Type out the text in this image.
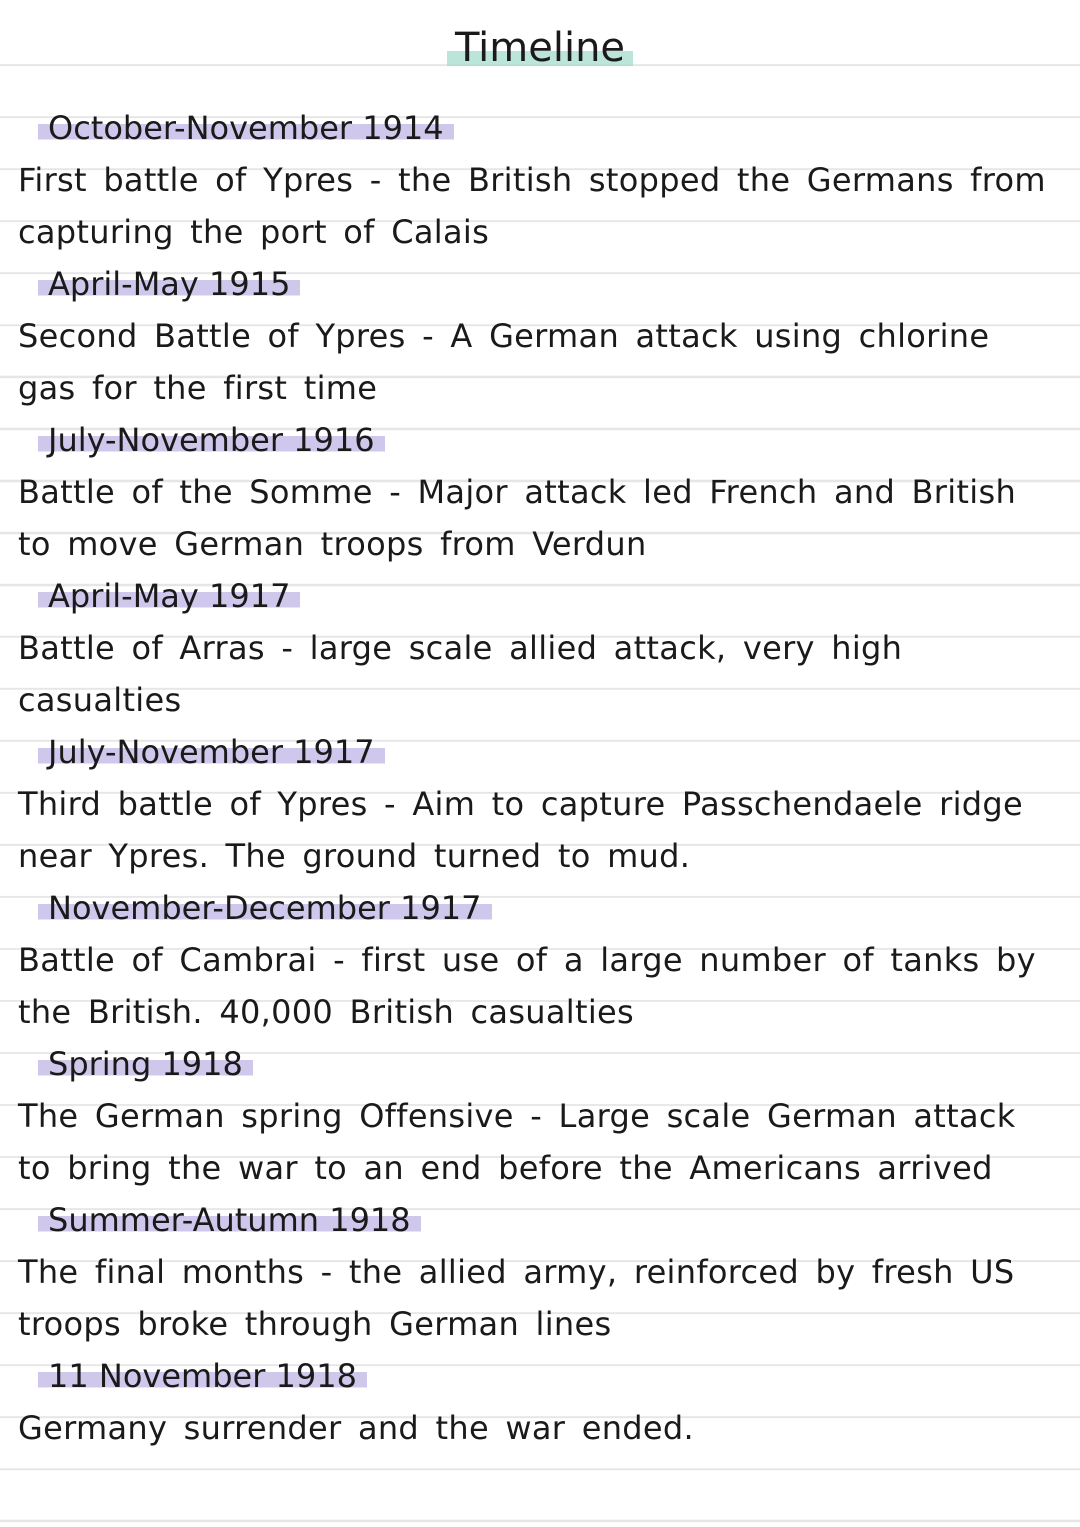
Timeline
October-November 1914

First battle of Ypres - the British stopped the Germans from capturing the port of Calais

April-May 1915

Second Battle of Ypres - A German attack using chlorine gas for the first time

July-November 1916

Battle of the Somme - Major attack led French and British to move German troops from Verdun

April-May 1917

Battle of Arras - large scale allied attack, very high casualties

July-November 1917

Third battle of Ypres - Aim to capture Passchendaele ridge near Ypres. The ground turned to mud.

November-December 1917

Battle of Cambrai - first use of a large number of tanks by the British. 40,000 British casualties

Spring 1918

The German spring Offensive - Large scale German attack to bring the war to an end before the Americans arrived

Summer-Autumn 1918

The final months - the allied army, reinforced by fresh US troops broke through German lines

11 November 1918

Germany surrender and the war ended.
